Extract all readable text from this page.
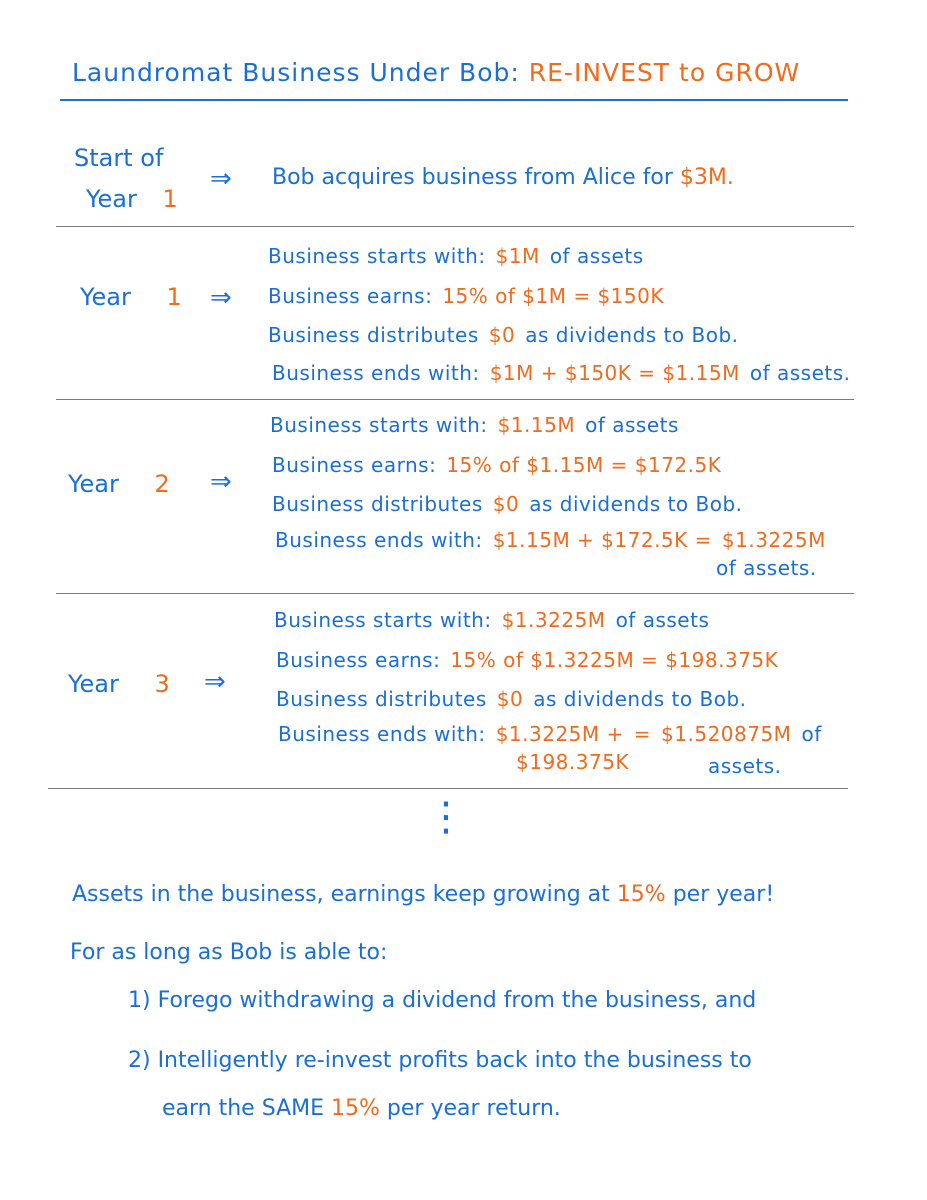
Laundromat Business Under Bob: RE-INVEST to GROW
Start of
Year 1
⇒ Bob acquires business from Alice for $3M.
Year 1 ⇒
Business starts with: $1M of assets
Business earns: 15% of $1M = $150K
Business distributes $0 as dividends to Bob.
Business ends with: $1M + $150K = $1.15M of assets.
Year 2 ⇒
Business starts with: $1.15M of assets
Business earns: 15% of $1.15M = $172.5K
Business distributes $0 as dividends to Bob.
Business ends with: $1.15M + $172.5K = $1.3225M
of assets.
Year 3 ⇒
Business starts with: $1.3225M of assets
Business earns: 15% of $1.3225M = $198.375K
Business distributes $0 as dividends to Bob.
Business ends with: $1.3225M + = $1.520875M of
$198.375K	assets.
⋮
Assets in the business, earnings keep growing at 15% per year!
For as long as Bob is able to:
1) Forego withdrawing a dividend from the business, and
2) Intelligently re-invest profits back into the business to
earn the SAME 15% per year return.
